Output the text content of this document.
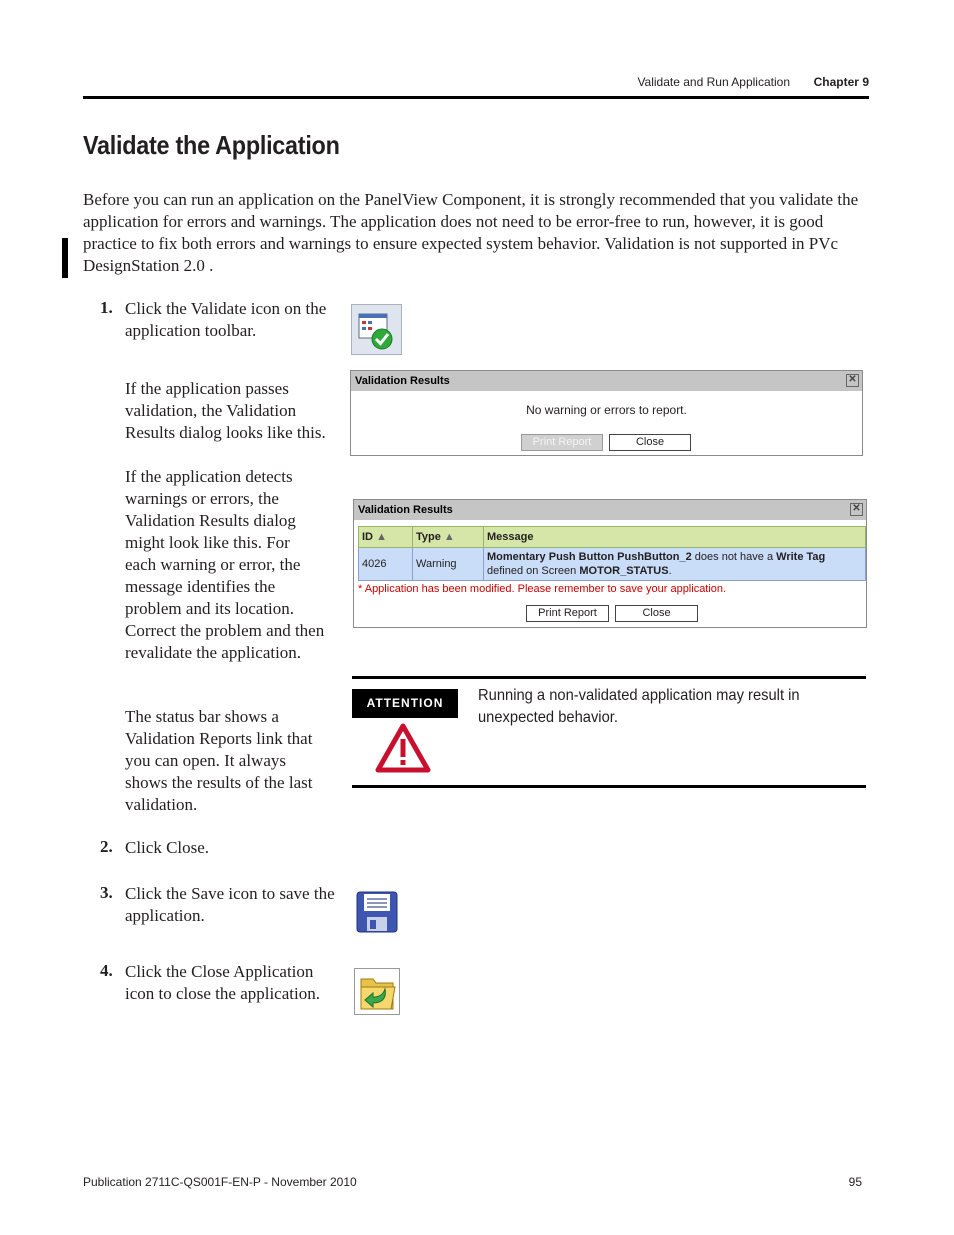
Validate and Run Application	Chapter 9
Validate the Application
Before you can run an application on the PanelView Component, it is strongly recommended that you validate the application for errors and warnings. The application does not need to be error-free to run, however, it is good practice to fix both errors and warnings to ensure expected system behavior. Validation is not supported in PVc DesignStation 2.0 .
1. Click the Validate icon on the application toolbar.
If the application passes validation, the Validation Results dialog looks like this.
Validation Results	✕
No warning or errors to report.
Print Report	Close
If the application detects warnings or errors, the Validation Results dialog might look like this. For each warning or error, the message identifies the problem and its location. Correct the problem and then revalidate the application.
Validation Results	✕
ID ▲	Type ▲	Message
4026	Warning	Momentary Push Button PushButton_2 does not have a Write Tag
defined on Screen MOTOR_STATUS.
* Application has been modified. Please remember to save your application.
Print Report	Close
ATTENTION	Running a non-validated application may result in unexpected behavior.
The status bar shows a Validation Reports link that you can open. It always shows the results of the last validation.
2. Click Close.
3. Click the Save icon to save the application.
4. Click the Close Application icon to close the application.
Publication 2711C-QS001F-EN-P - November 2010	95
